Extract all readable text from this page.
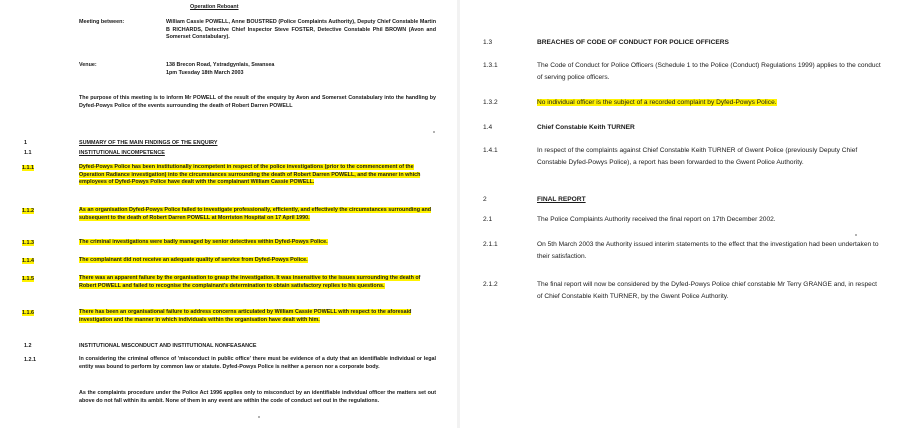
Operation Reboant
Meeting between:	William Cassie POWELL, Anne BOUSTRED (Police Complaints Authority), Deputy Chief Constable Martin B RICHARDS, Detective Chief Inspector Steve FOSTER, Detective Constable Phil BROWN (Avon and Somerset Constabulary).
Venue:	138 Brecon Road, Ystradgynlais, Swansea
1pm Tuesday 18th March 2003
The purpose of this meeting is to inform Mr POWELL of the result of the enquiry by Avon and Somerset Constabulary into the handling by Dyfed-Powys Police of the events surrounding the death of Robert Darren POWELL
1	SUMMARY OF THE MAIN FINDINGS OF THE ENQUIRY
1.1	INSTITUTIONAL INCOMPETENCE
1.1.1	Dyfed-Powys Police has been institutionally incompetent in respect of the police investigations (prior to the commencement of the Operation Radiance investigation) into the circumstances surrounding the death of Robert Darren POWELL, and the manner in which employees of Dyfed-Powys Police have dealt with the complainant William Cassie POWELL.
1.1.2	As an organisation Dyfed-Powys Police failed to investigate professionally, efficiently, and effectively the circumstances surrounding and subsequent to the death of Robert Darren POWELL at Morriston Hospital on 17 April 1990.
1.1.3	The criminal investigations were badly managed by senior detectives within Dyfed-Powys Police.
1.1.4	The complainant did not receive an adequate quality of service from Dyfed-Powys Police.
1.1.5	There was an apparent failure by the organisation to grasp the investigation. It was insensitive to the issues surrounding the death of Robert POWELL and failed to recognise the complainant's determination to obtain satisfactory replies to his questions.
1.1.6	There has been an organisational failure to address concerns articulated by William Cassie POWELL with respect to the aforesaid investigation and the manner in which individuals within the organisation have dealt with him.
1.2	INSTITUTIONAL MISCONDUCT AND INSTITUTIONAL NONFEASANCE
1.2.1	In considering the criminal offence of 'misconduct in public office' there must be evidence of a duty that an identifiable individual or legal entity was bound to perform by common law or statute. Dyfed-Powys Police is neither a person nor a corporate body.
As the complaints procedure under the Police Act 1996 applies only to misconduct by an identifiable individual officer the matters set out above do not fall within its ambit. None of them in any event are within the code of conduct set out in the regulations.
1.3	BREACHES OF CODE OF CONDUCT FOR POLICE OFFICERS
1.3.1	The Code of Conduct for Police Officers (Schedule 1 to the Police (Conduct) Regulations 1999) applies to the conduct of serving police officers.
1.3.2	No individual officer is the subject of a recorded complaint by Dyfed-Powys Police.
1.4	Chief Constable Keith TURNER
1.4.1	In respect of the complaints against Chief Constable Keith TURNER of Gwent Police (previously Deputy Chief Constable Dyfed-Powys Police), a report has been forwarded to the Gwent Police Authority.
2	FINAL REPORT
2.1	The Police Complaints Authority received the final report on 17th December 2002.
2.1.1	On 5th March 2003 the Authority issued interim statements to the effect that the investigation had been undertaken to their satisfaction.
2.1.2	The final report will now be considered by the Dyfed-Powys Police chief constable Mr Terry GRANGE and, in respect of Chief Constable Keith TURNER, by the Gwent Police Authority.
